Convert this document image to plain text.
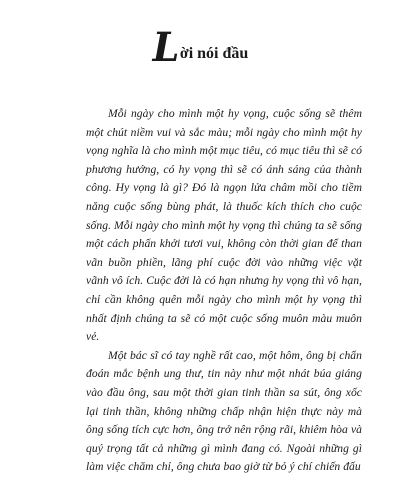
L ời nói đầu

Mỗi ngày cho mình một hy vọng, cuộc sống sẽ thêm một chút niềm vui và sắc màu; mỗi ngày cho mình một hy vọng nghĩa là cho mình một mục tiêu, có mục tiêu thì sẽ có phương hướng, có hy vọng thì sẽ có ánh sáng của thành công. Hy vọng là gì? Đó là ngọn lửa châm mồi cho tiềm năng cuộc sống bùng phát, là thuốc kích thích cho cuộc sống. Mỗi ngày cho mình một hy vọng thì chúng ta sẽ sống một cách phấn khởi tươi vui, không còn thời gian để than vãn buồn phiền, lãng phí cuộc đời vào những việc vặt vãnh vô ích. Cuộc đời là có hạn nhưng hy vọng thì vô hạn, chỉ cần không quên mỗi ngày cho mình một hy vọng thì nhất định chúng ta sẽ có một cuộc sống muôn màu muôn vẻ.

Một bác sĩ có tay nghề rất cao, một hôm, ông bị chẩn đoán mắc bệnh ung thư, tin này như một nhát búa giáng vào đầu ông, sau một thời gian tinh thần sa sút, ông xốc lại tinh thần, không những chấp nhận hiện thực này mà ông sống tích cực hơn, ông trở nên rộng rãi, khiêm hòa và quý trọng tất cả những gì mình đang có. Ngoài những gì làm việc chăm chỉ, ông chưa bao giờ từ bỏ ý chí chiến đấu
